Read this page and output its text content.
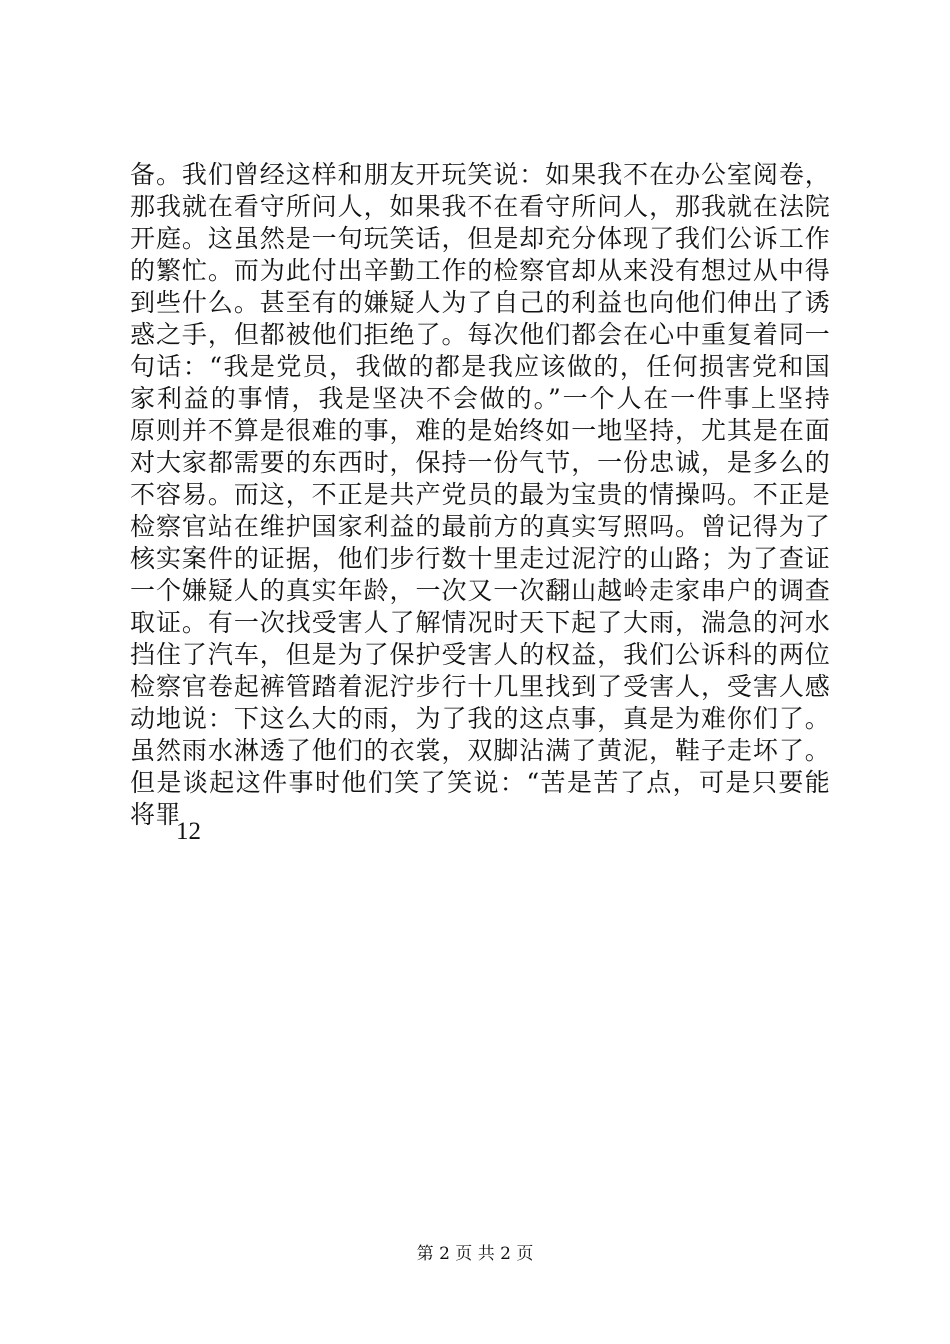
备。我们曾经这样和朋友开玩笑说：如果我不在办公室阅卷，
那我就在看守所问人，如果我不在看守所问人，那我就在法院
开庭。这虽然是一句玩笑话，但是却充分体现了我们公诉工作
的繁忙。而为此付出辛勤工作的检察官却从来没有想过从中得
到些什么。甚至有的嫌疑人为了自己的利益也向他们伸出了诱
惑之手，但都被他们拒绝了。每次他们都会在心中重复着同一
句话：“我是党员，我做的都是我应该做的，任何损害党和国
家利益的事情，我是坚决不会做的。”一个人在一件事上坚持
原则并不算是很难的事，难的是始终如一地坚持，尤其是在面
对大家都需要的东西时，保持一份气节，一份忠诚，是多么的
不容易。而这，不正是共产党员的最为宝贵的情操吗。不正是
检察官站在维护国家利益的最前方的真实写照吗。曾记得为了
核实案件的证据，他们步行数十里走过泥泞的山路；为了查证
一个嫌疑人的真实年龄，一次又一次翻山越岭走家串户的调查
取证。有一次找受害人了解情况时天下起了大雨，湍急的河水
挡住了汽车，但是为了保护受害人的权益，我们公诉科的两位
检察官卷起裤管踏着泥泞步行十几里找到了受害人，受害人感
动地说：下这么大的雨，为了我的这点事，真是为难你们了。
虽然雨水淋透了他们的衣裳，双脚沾满了黄泥，鞋子走坏了。
但是谈起这件事时他们笑了笑说：“苦是苦了点，可是只要能
将罪
12
第 2 页 共 2 页
